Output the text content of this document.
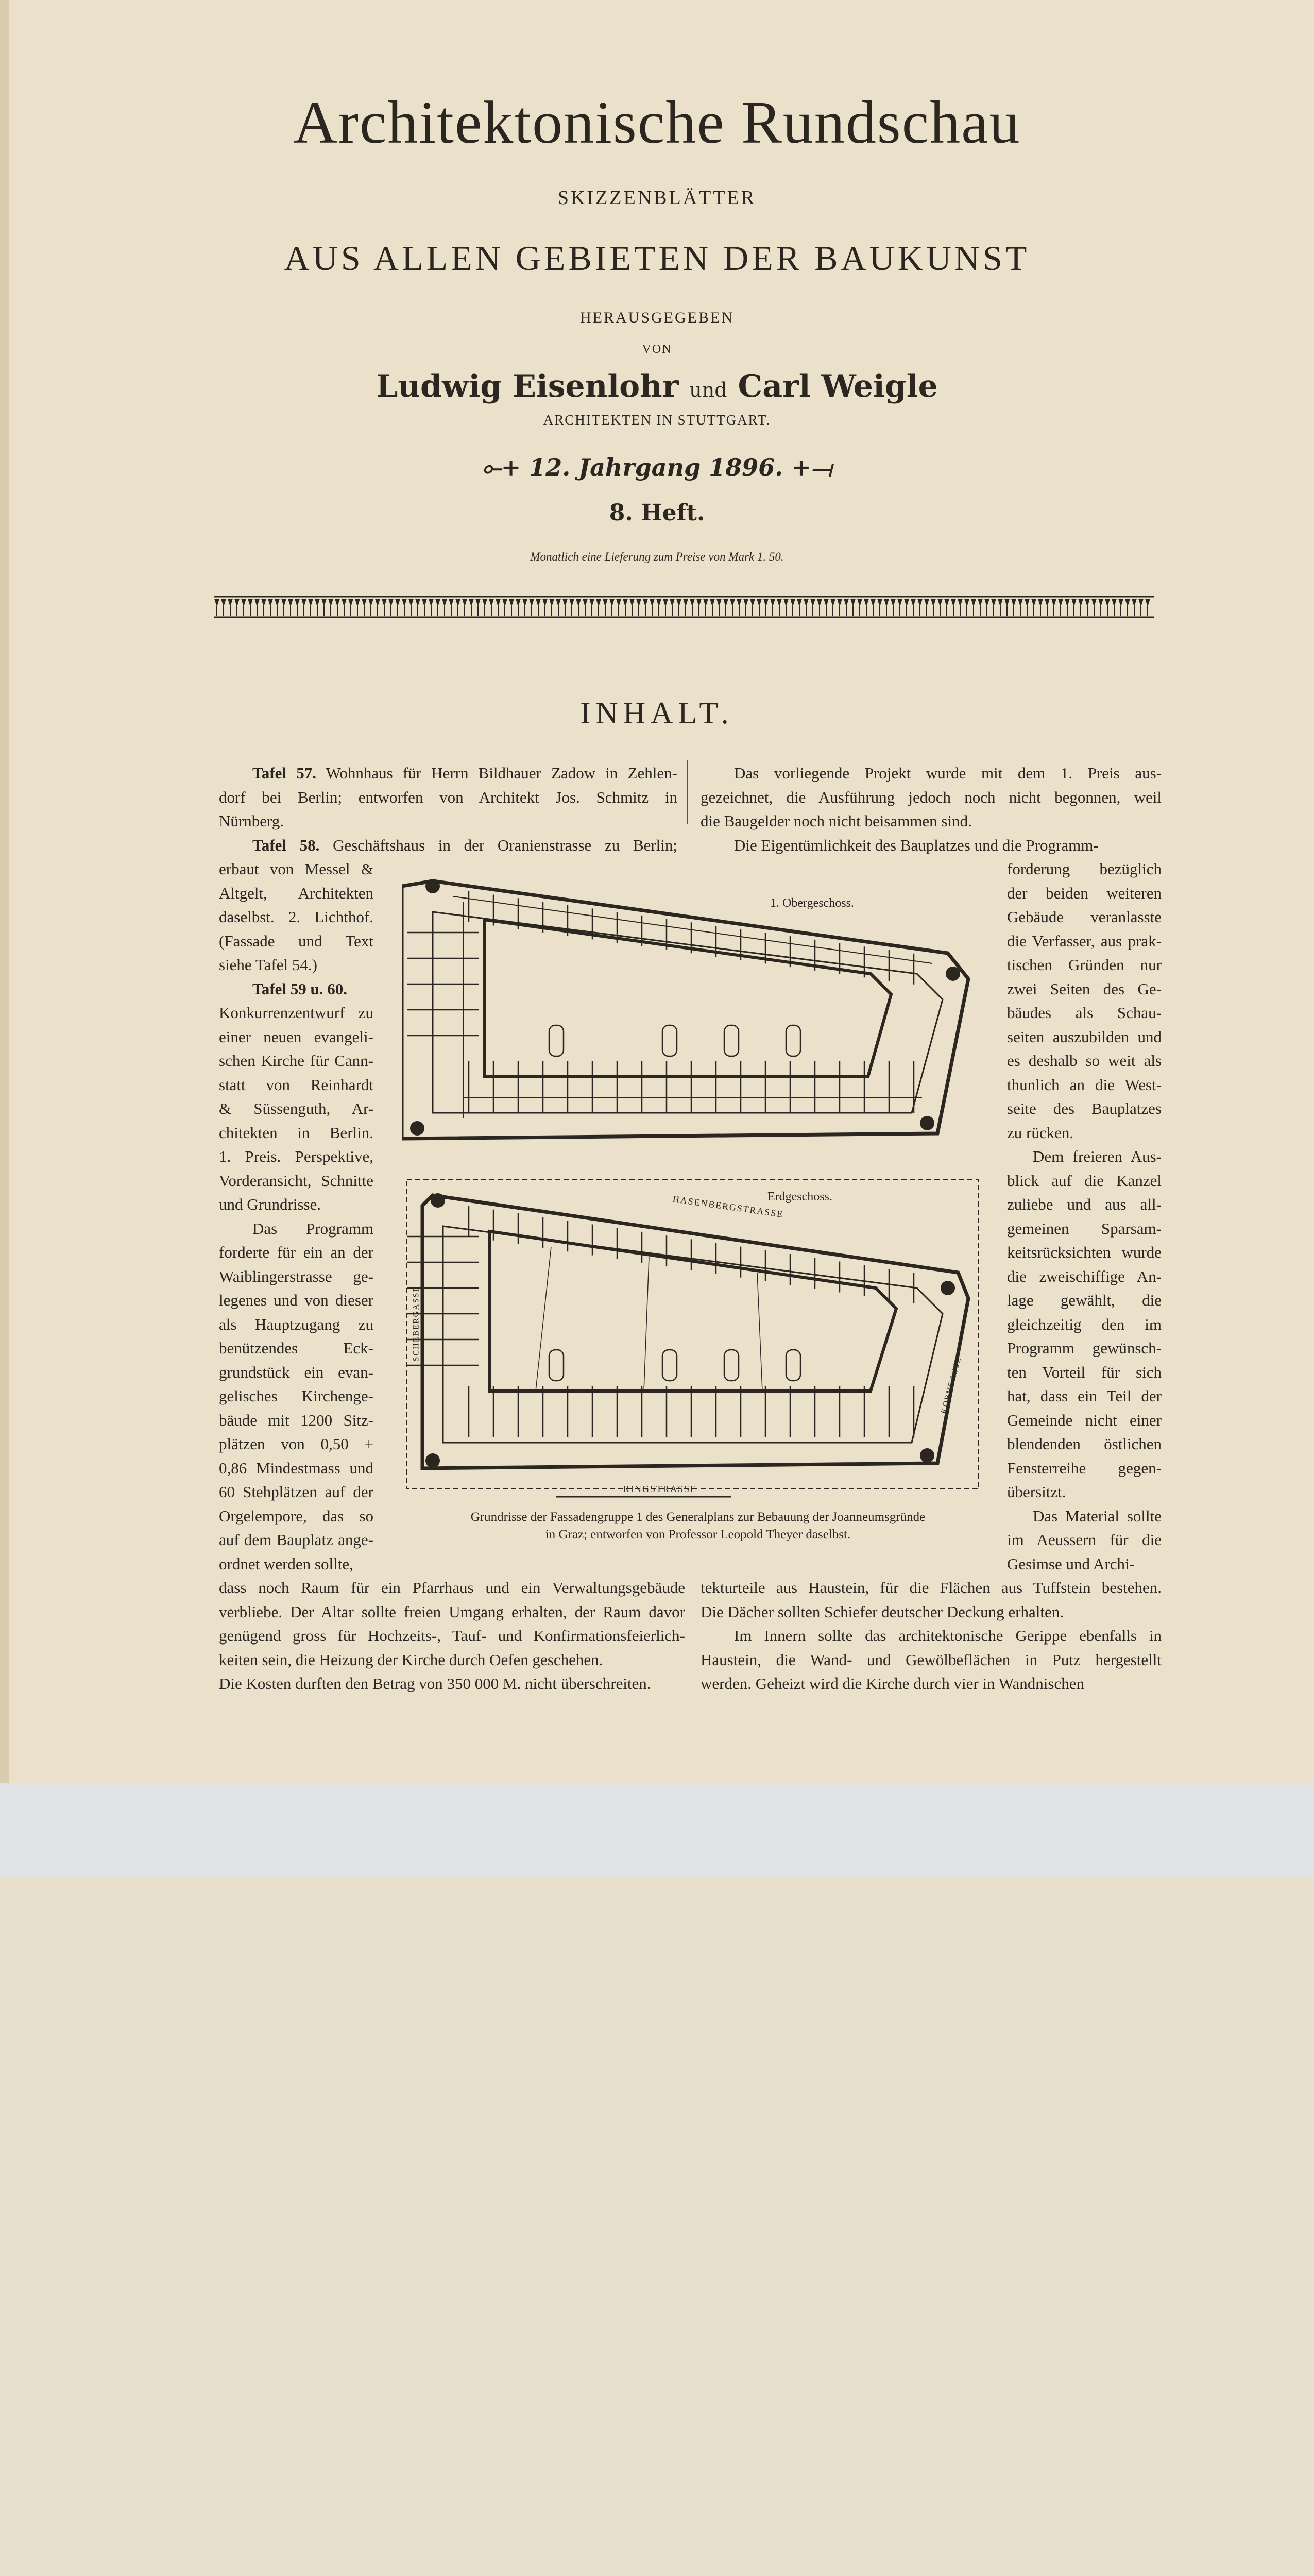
Architektonische Rundschau
SKIZZENBLÄTTER
AUS ALLEN GEBIETEN DER BAUKUNST
HERAUSGEGEBEN
VON
Ludwig Eisenlohr und Carl Weigle
ARCHITEKTEN IN STUTTGART.
⟜+ 12. Jahrgang 1896. +⟞
8. Heft.
Monatlich eine Lieferung zum Preise von Mark 1. 50.
INHALT.
Tafel 57. Wohnhaus für Herrn Bildhauer Zadow in Zehlen-
dorf bei Berlin; entworfen von Architekt Jos. Schmitz in
Nürnberg.
Tafel 58. Geschäftshaus in der Oranienstrasse zu Berlin;
erbaut von Messel &
Altgelt, Architekten
daselbst. 2. Lichthof.
(Fassade und Text
siehe Tafel 54.)
Tafel 59 u. 60.
Konkurrenzentwurf zu
einer neuen evangeli-
schen Kirche für Cann-
statt von Reinhardt
& Süssenguth, Ar-
chitekten in Berlin.
1. Preis. Perspektive,
Vorderansicht, Schnitte
und Grundrisse.
Das Programm
forderte für ein an der
Waiblingerstrasse ge-
legenes und von dieser
als Hauptzugang zu
benützendes Eck-
grundstück ein evan-
gelisches Kirchenge-
bäude mit 1200 Sitz-
plätzen von 0,50 +
0,86 Mindestmass und
60 Stehplätzen auf der
Orgelempore, das so
auf dem Bauplatz ange-
ordnet werden sollte,
dass noch Raum für ein Pfarrhaus und ein Verwaltungsgebäude
verbliebe. Der Altar sollte freien Umgang erhalten, der Raum davor
genügend gross für Hochzeits-, Tauf- und Konfirmationsfeierlich-
keiten sein, die Heizung der Kirche durch Oefen geschehen.
Die Kosten durften den Betrag von 350 000 M. nicht überschreiten.
Das vorliegende Projekt wurde mit dem 1. Preis aus-
gezeichnet, die Ausführung jedoch noch nicht begonnen, weil
die Baugelder noch nicht beisammen sind.
Die Eigentümlichkeit des Bauplatzes und die Programm-
forderung bezüglich
der beiden weiteren
Gebäude veranlasste
die Verfasser, aus prak-
tischen Gründen nur
zwei Seiten des Ge-
bäudes als Schau-
seiten auszubilden und
es deshalb so weit als
thunlich an die West-
seite des Bauplatzes
zu rücken.
Dem freieren Aus-
blick auf die Kanzel
zuliebe und aus all-
gemeinen Sparsam-
keitsrücksichten wurde
die zweischiffige An-
lage gewählt, die
gleichzeitig den im
Programm gewünsch-
ten Vorteil für sich
hat, dass ein Teil der
Gemeinde nicht einer
blendenden östlichen
Fensterreihe gegen-
übersitzt.
Das Material sollte
im Aeussern für die
Gesimse und Archi-
tekturteile aus Haustein, für die Flächen aus Tuffstein bestehen.
Die Dächer sollten Schiefer deutscher Deckung erhalten.
Im Innern sollte das architektonische Gerippe ebenfalls in
Haustein, die Wand- und Gewölbeflächen in Putz hergestellt
werden. Geheizt wird die Kirche durch vier in Wandnischen
1. Obergeschoss.
Erdgeschoss.
HASENBERGSTRASSE
RINGSTRASSE
SCHEBERGASSE
KORNGASSE
Grundrisse der Fassadengruppe 1 des Generalplans zur Bebauung der Joanneumsgründe
in Graz; entworfen von Professor Leopold Theyer daselbst.
